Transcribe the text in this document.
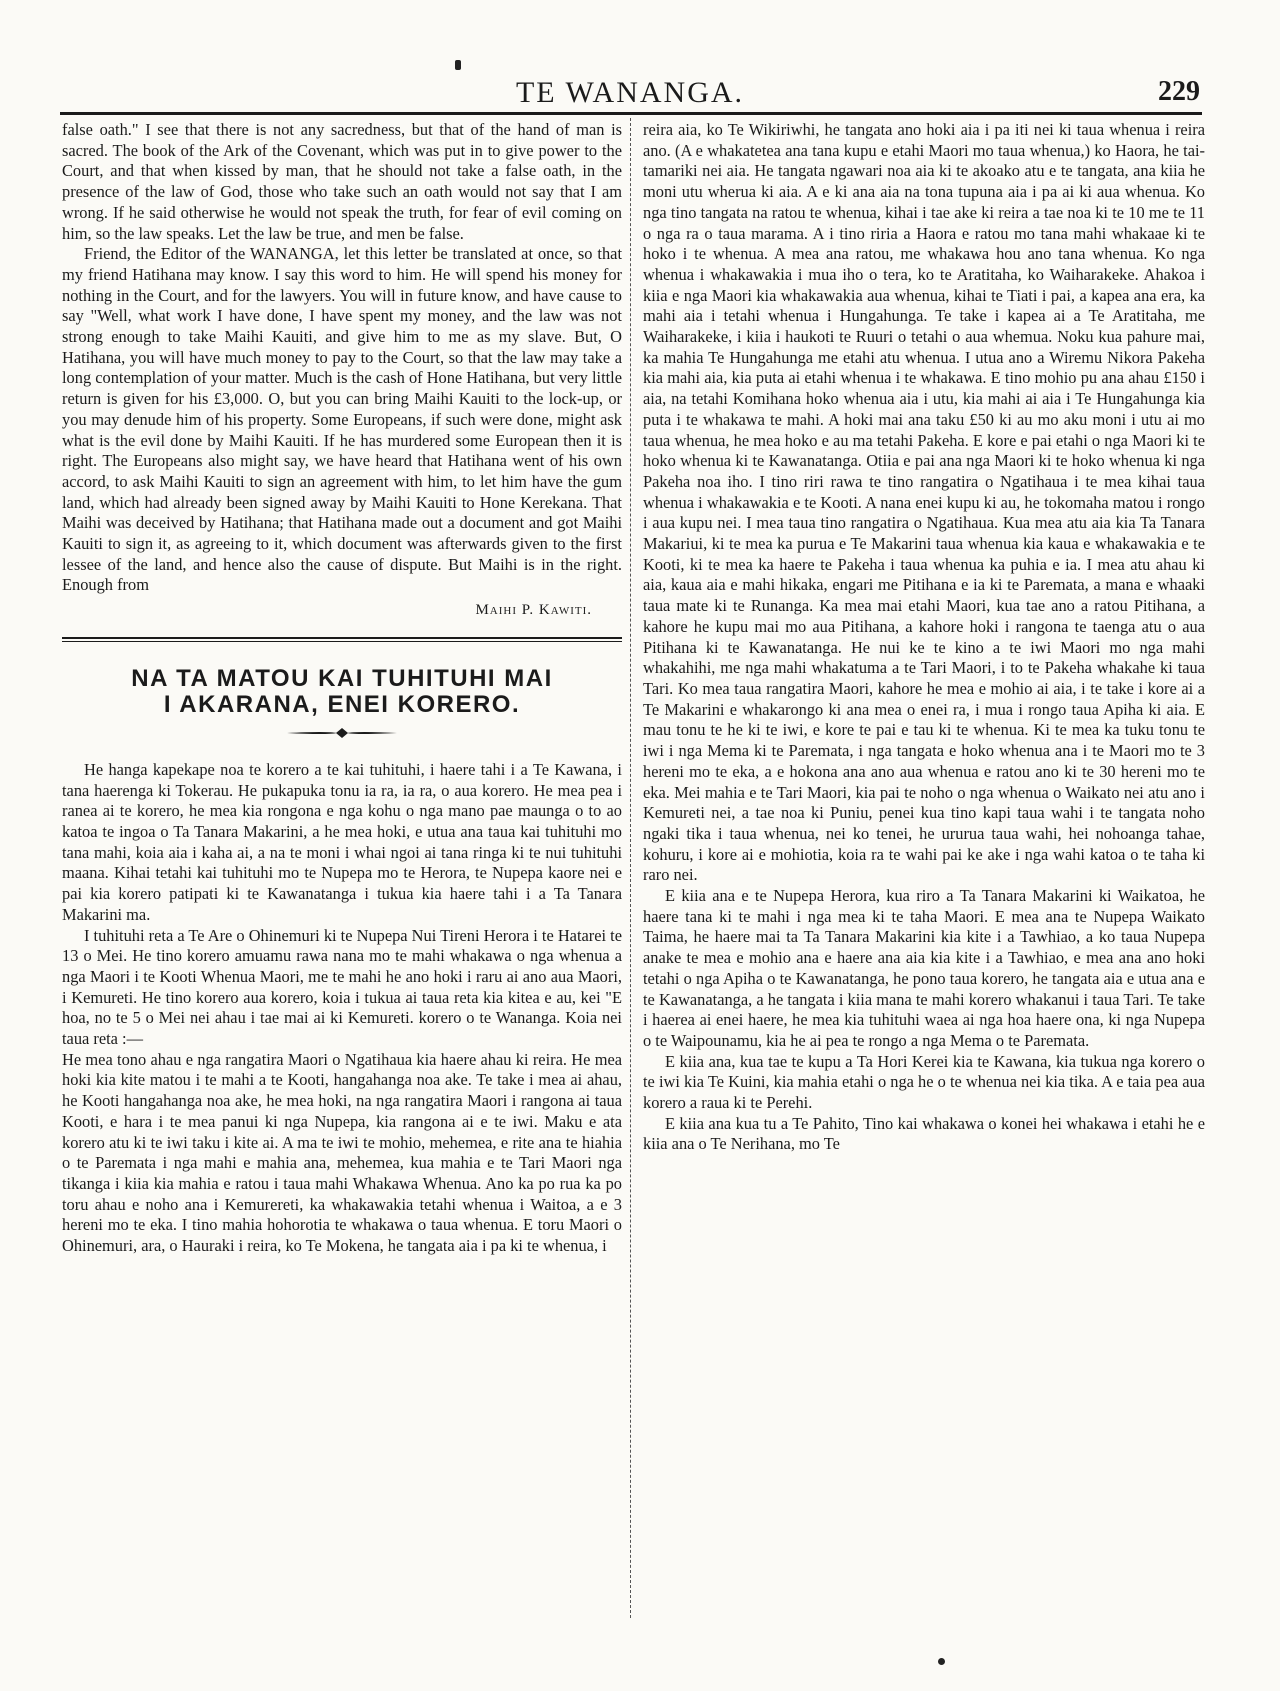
TE WANANGA.	229

false oath." I see that there is not any sacredness, but that of the hand of man is sacred. The book of the Ark of the Covenant, which was put in to give power to the Court, and that when kissed by man, that he should not take a false oath, in the presence of the law of God, those who take such an oath would not say that I am wrong. If he said otherwise he would not speak the truth, for fear of evil coming on him, so the law speaks. Let the law be true, and men be false.

Friend, the Editor of the WANANGA, let this letter be translated at once, so that my friend Hatihana may know. I say this word to him. He will spend his money for nothing in the Court, and for the lawyers. You will in future know, and have cause to say "Well, what work I have done, I have spent my money, and the law was not strong enough to take Maihi Kauiti, and give him to me as my slave. But, O Hatihana, you will have much money to pay to the Court, so that the law may take a long contemplation of your matter. Much is the cash of Hone Hatihana, but very little return is given for his £3,000. O, but you can bring Maihi Kauiti to the lock-up, or you may denude him of his property. Some Europeans, if such were done, might ask what is the evil done by Maihi Kauiti. If he has murdered some European then it is right. The Europeans also might say, we have heard that Hatihana went of his own accord, to ask Maihi Kauiti to sign an agreement with him, to let him have the gum land, which had already been signed away by Maihi Kauiti to Hone Kerekana. That Maihi was deceived by Hatihana; that Hatihana made out a document and got Maihi Kauiti to sign it, as agreeing to it, which document was afterwards given to the first lessee of the land, and hence also the cause of dispute. But Maihi is in the right. Enough from

Maihi P. Kawiti.
NA TA MATOU KAI TUHITUHI MAI
I AKARANA, ENEI KORERO.

He hanga kapekape noa te korero a te kai tuhituhi, i haere tahi i a Te Kawana, i tana haerenga ki Tokerau. He pukapuka tonu ia ra, ia ra, o aua korero. He mea pea i ranea ai te korero, he mea kia rongona e nga kohu o nga mano pae maunga o to ao katoa te ingoa o Ta Tanara Makarini, a he mea hoki, e utua ana taua kai tuhituhi mo tana mahi, koia aia i kaha ai, a na te moni i whai ngoi ai tana ringa ki te nui tuhituhi maana. Kihai tetahi kai tuhituhi mo te Nupepa mo te Herora, te Nupepa kaore nei e pai kia korero patipati ki te Kawanatanga i tukua kia haere tahi i a Ta Tanara Makarini ma.

I tuhituhi reta a Te Are o Ohinemuri ki te Nupepa Nui Tireni Herora i te Hatarei te 13 o Mei. He tino korero amuamu rawa nana mo te mahi whakawa o nga whenua a nga Maori i te Kooti Whenua Maori, me te mahi he ano hoki i raru ai ano aua Maori, i Kemureti. He tino korero aua korero, koia i tukua ai taua reta kia kitea e au, kei "E hoa, no te 5 o Mei nei ahau i tae mai ai ki Kemureti. korero o te Wananga. Koia nei taua reta :—

He mea tono ahau e nga rangatira Maori o Ngatihaua kia haere ahau ki reira. He mea hoki kia kite matou i te mahi a te Kooti, hangahanga noa ake. Te take i mea ai ahau, he Kooti hangahanga noa ake, he mea hoki, na nga rangatira Maori i rangona ai taua Kooti, e hara i te mea panui ki nga Nupepa, kia rangona ai e te iwi. Maku e ata korero atu ki te iwi taku i kite ai. A ma te iwi te mohio, mehemea, e rite ana te hiahia o te Paremata i nga mahi e mahia ana, mehemea, kua mahia e te Tari Maori nga tikanga i kiia kia mahia e ratou i taua mahi Whakawa Whenua. Ano ka po rua ka po toru ahau e noho ana i Kemurereti, ka whakawakia tetahi whenua i Waitoa, a e 3 hereni mo te eka. I tino mahia hohorotia te whakawa o taua whenua. E toru Maori o Ohinemuri, ara, o Hauraki i reira, ko Te Mokena, he tangata aia i pa ki te whenua, i

reira aia, ko Te Wikiriwhi, he tangata ano hoki aia i pa iti nei ki taua whenua i reira ano. (A e whakatetea ana tana kupu e etahi Maori mo taua whenua,) ko Haora, he tai-tamariki nei aia. He tangata ngawari noa aia ki te akoako atu e te tangata, ana kiia he moni utu wherua ki aia. A e ki ana aia na tona tupuna aia i pa ai ki aua whenua. Ko nga tino tangata na ratou te whenua, kihai i tae ake ki reira a tae noa ki te 10 me te 11 o nga ra o taua marama. A i tino riria a Haora e ratou mo tana mahi whakaae ki te hoko i te whenua. A mea ana ratou, me whakawa hou ano tana whenua. Ko nga whenua i whakawakia i mua iho o tera, ko te Aratitaha, ko Waiharakeke. Ahakoa i kiia e nga Maori kia whakawakia aua whenua, kihai te Tiati i pai, a kapea ana era, ka mahi aia i tetahi whenua i Hungahunga. Te take i kapea ai a Te Aratitaha, me Waiharakeke, i kiia i haukoti te Ruuri o tetahi o aua whemua. Noku kua pahure mai, ka mahia Te Hungahunga me etahi atu whenua. I utua ano a Wiremu Nikora Pakeha kia mahi aia, kia puta ai etahi whenua i te whakawa. E tino mohio pu ana ahau £150 i aia, na tetahi Komihana hoko whenua aia i utu, kia mahi ai aia i Te Hungahunga kia puta i te whakawa te mahi. A hoki mai ana taku £50 ki au mo aku moni i utu ai mo taua whenua, he mea hoko e au ma tetahi Pakeha. E kore e pai etahi o nga Maori ki te hoko whenua ki te Kawanatanga. Otiia e pai ana nga Maori ki te hoko whenua ki nga Pakeha noa iho. I tino riri rawa te tino rangatira o Ngatihaua i te mea kihai taua whenua i whakawakia e te Kooti. A nana enei kupu ki au, he tokomaha matou i rongo i aua kupu nei. I mea taua tino rangatira o Ngatihaua. Kua mea atu aia kia Ta Tanara Makariui, ki te mea ka purua e Te Makarini taua whenua kia kaua e whakawakia e te Kooti, ki te mea ka haere te Pakeha i taua whenua ka puhia e ia. I mea atu ahau ki aia, kaua aia e mahi hikaka, engari me Pitihana e ia ki te Paremata, a mana e whaaki taua mate ki te Runanga. Ka mea mai etahi Maori, kua tae ano a ratou Pitihana, a kahore he kupu mai mo aua Pitihana, a kahore hoki i rangona te taenga atu o aua Pitihana ki te Kawanatanga. He nui ke te kino a te iwi Maori mo nga mahi whakahihi, me nga mahi whakatuma a te Tari Maori, i to te Pakeha whakahe ki taua Tari. Ko mea taua rangatira Maori, kahore he mea e mohio ai aia, i te take i kore ai a Te Makarini e whakarongo ki ana mea o enei ra, i mua i rongo taua Apiha ki aia. E mau tonu te he ki te iwi, e kore te pai e tau ki te whenua. Ki te mea ka tuku tonu te iwi i nga Mema ki te Paremata, i nga tangata e hoko whenua ana i te Maori mo te 3 hereni mo te eka, a e hokona ana ano aua whenua e ratou ano ki te 30 hereni mo te eka. Mei mahia e te Tari Maori, kia pai te noho o nga whenua o Waikato nei atu ano i Kemureti nei, a tae noa ki Puniu, penei kua tino kapi taua wahi i te tangata noho ngaki tika i taua whenua, nei ko tenei, he ururua taua wahi, hei nohoanga tahae, kohuru, i kore ai e mohiotia, koia ra te wahi pai ke ake i nga wahi katoa o te taha ki raro nei.

E kiia ana e te Nupepa Herora, kua riro a Ta Tanara Makarini ki Waikatoa, he haere tana ki te mahi i nga mea ki te taha Maori. E mea ana te Nupepa Waikato Taima, he haere mai ta Ta Tanara Makarini kia kite i a Tawhiao, a ko taua Nupepa anake te mea e mohio ana e haere ana aia kia kite i a Tawhiao, e mea ana ano hoki tetahi o nga Apiha o te Kawanatanga, he pono taua korero, he tangata aia e utua ana e te Kawanatanga, a he tangata i kiia mana te mahi korero whakanui i taua Tari. Te take i haerea ai enei haere, he mea kia tuhituhi waea ai nga hoa haere ona, ki nga Nupepa o te Waipounamu, kia he ai pea te rongo a nga Mema o te Paremata.

E kiia ana, kua tae te kupu a Ta Hori Kerei kia te Kawana, kia tukua nga korero o te iwi kia Te Kuini, kia mahia etahi o nga he o te whenua nei kia tika. A e taia pea aua korero a raua ki te Perehi.

E kiia ana kua tu a Te Pahito, Tino kai whakawa o konei hei whakawa i etahi he e kiia ana o Te Nerihana, mo Te
